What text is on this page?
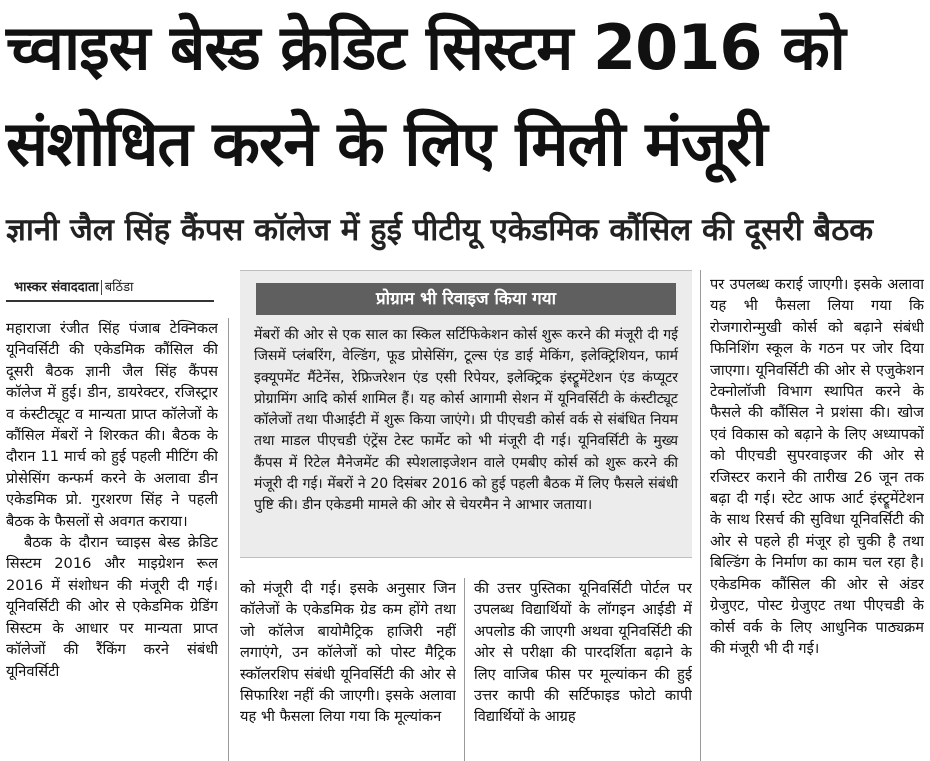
च्वाइस बेस्ड क्रेडिट सिस्टम 2016 को
संशोधित करने के लिए मिली मंजूरी
ज्ञानी जैल सिंह कैंपस कॉलेज में हुई पीटीयू एकेडमिक कौंसिल की दूसरी बैठक
भास्कर संवाददाता बठिंडा

महाराजा रंजीत सिंह पंजाब टेक्निकल यूनिवर्सिटी की एकेडमिक कौंसिल की दूसरी बैठक ज्ञानी जैल सिंह कैंपस कॉलेज में हुई। डीन, डायरेक्टर, रजिस्ट्रार व कंस्टीट्यूट व मान्यता प्राप्त कॉलेजों के कौंसिल मेंबरों ने शिरकत की। बैठक के दौरान 11 मार्च को हुई पहली मीटिंग की प्रोसेसिंग कन्फर्म करने के अलावा डीन एकेडमिक प्रो. गुरशरण सिंह ने पहली बैठक के फैसलों से अवगत कराया।

बैठक के दौरान च्वाइस बेस्ड क्रेडिट सिस्टम 2016 और माइग्रेशन रूल 2016 में संशोधन की मंजूरी दी गई। यूनिवर्सिटी की ओर से एकेडमिक ग्रेडिंग सिस्टम के आधार पर मान्यता प्राप्त कॉलेजों की रैंकिंग करने संबंधी यूनिवर्सिटी

प्रोग्राम भी रिवाइज किया गया
मेंबरों की ओर से एक साल का स्किल सर्टिफिकेशन कोर्स शुरू करने की मंजूरी दी गई जिसमें प्लंबरिंग, वेल्डिंग, फूड प्रोसेसिंग, टूल्स एंड डाई मेकिंग, इलेक्ट्रिशियन, फार्म इक्यूपमेंट मैंटेनेंस, रेफ्रिजरेशन एंड एसी रिपेयर, इलेक्ट्रिक इंस्ट्रूमेंटेशन एंड कंप्यूटर प्रोग्रामिंग आदि कोर्स शामिल हैं। यह कोर्स आगामी सेशन में यूनिवर्सिटी के कंस्टीट्यूट कॉलेजों तथा पीआईटी में शुरू किया जाएंगे। प्री पीएचडी कोर्स वर्क से संबंधित नियम तथा माडल पीएचडी एंट्रेंस टेस्ट फार्मेट को भी मंजूरी दी गई। यूनिवर्सिटी के मुख्य कैंपस में रिटेल मैनेजमेंट की स्पेशलाइजेशन वाले एमबीए कोर्स को शुरू करने की मंजूरी दी गई। मेंबरों ने 20 दिसंबर 2016 को हुई पहली बैठक में लिए फैसले संबंधी पुष्टि की। डीन एकेडमी मामले की ओर से चेयरमैन ने आभार जताया।

को मंजूरी दी गई। इसके अनुसार जिन कॉलेजों के एकेडमिक ग्रेड कम होंगे तथा जो कॉलेज बायोमैट्रिक हाजिरी नहीं लगाएंगे, उन कॉलेजों को पोस्ट मैट्रिक स्कॉलरशिप संबंधी यूनिवर्सिटी की ओर से सिफारिश नहीं की जाएगी। इसके अलावा यह भी फैसला लिया गया कि मूल्यांकन

की उत्तर पुस्तिका यूनिवर्सिटी पोर्टल पर उपलब्ध विद्यार्थियों के लॉगइन आईडी में अपलोड की जाएगी अथवा यूनिवर्सिटी की ओर से परीक्षा की पारदर्शिता बढ़ाने के लिए वाजिब फीस पर मूल्यांकन की हुई उत्तर कापी की सर्टिफाइड फोटो कापी विद्यार्थियों के आग्रह

पर उपलब्ध कराई जाएगी। इसके अलावा यह भी फैसला लिया गया कि रोजगारोन्मुखी कोर्स को बढ़ाने संबंधी फिनिशिंग स्कूल के गठन पर जोर दिया जाएगा। यूनिवर्सिटी की ओर से एजुकेशन टेक्नोलॉजी विभाग स्थापित करने के फैसले की कौंसिल ने प्रशंसा की। खोज एवं विकास को बढ़ाने के लिए अध्यापकों को पीएचडी सुपरवाइजर की ओर से रजिस्टर कराने की तारीख 26 जून तक बढ़ा दी गई। स्टेट आफ आर्ट इंस्ट्रूमेंटेशन के साथ रिसर्च की सुविधा यूनिवर्सिटी की ओर से पहले ही मंजूर हो चुकी है तथा बिल्डिंग के निर्माण का काम चल रहा है। एकेडमिक कौंसिल की ओर से अंडर ग्रेजुएट, पोस्ट ग्रेजुएट तथा पीएचडी के कोर्स वर्क के लिए आधुनिक पाठ्यक्रम की मंजूरी भी दी गई।
